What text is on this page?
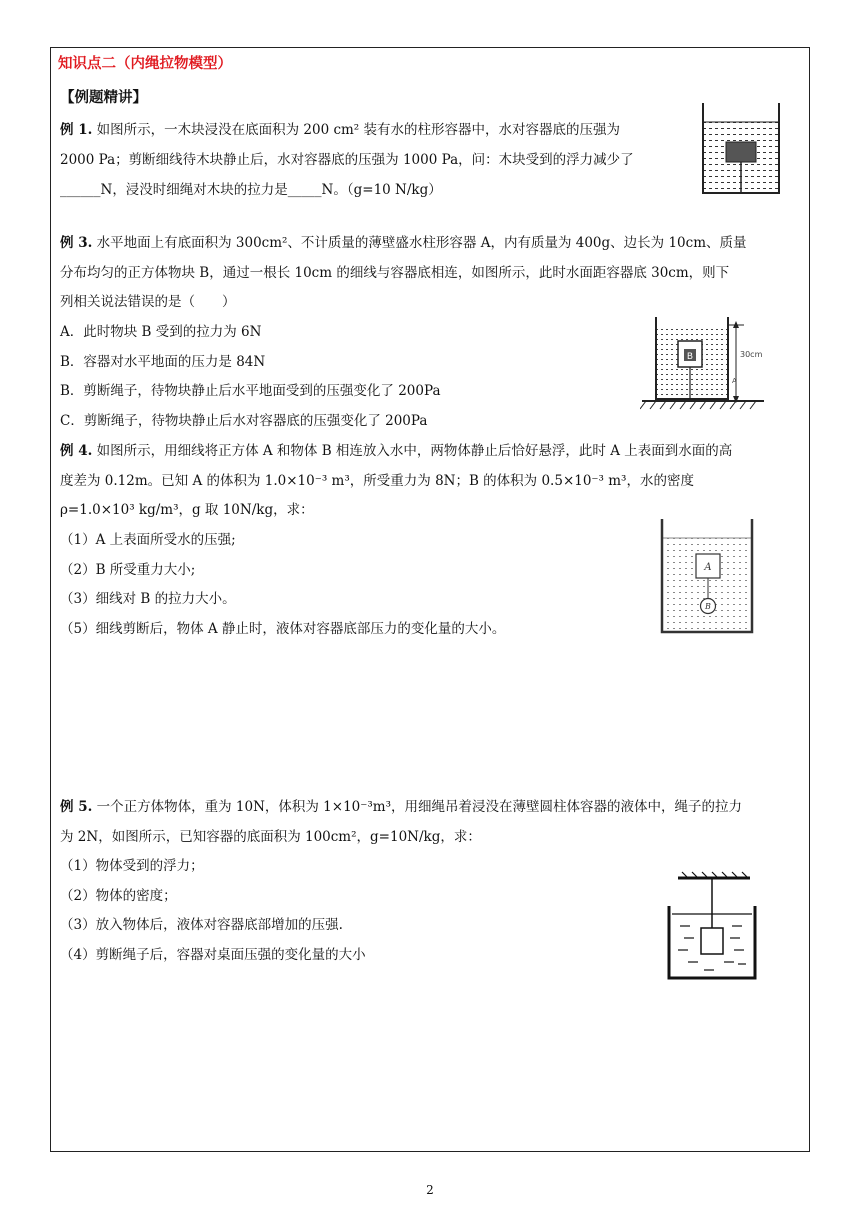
知识点二（内绳拉物模型）
【例题精讲】
例 1. 如图所示，一木块浸没在底面积为 200 cm² 装有水的柱形容器中，水对容器底的压强为
2000 Pa；剪断细线待木块静止后，水对容器底的压强为 1000 Pa，问：木块受到的浮力减少了
______N，浸没时细绳对木块的拉力是_____N。（g=10 N/kg）
例 3. 水平地面上有底面积为 300cm²、不计质量的薄壁盛水柱形容器 A，内有质量为 400g、边长为 10cm、质量
分布均匀的正方体物块 B，通过一根长 10cm 的细线与容器底相连，如图所示，此时水面距容器底 30cm，则下
列相关说法错误的是（　　）
A．此时物块 B 受到的拉力为 6N
B．容器对水平地面的压力是 84N
B．剪断绳子，待物块静止后水平地面受到的压强变化了 200Pa
C．剪断绳子，待物块静止后水对容器底的压强变化了 200Pa
B	30cm
A
例 4. 如图所示，用细线将正方体 A 和物体 B 相连放入水中，两物体静止后恰好悬浮，此时 A 上表面到水面的高
度差为 0.12m。已知 A 的体积为 1.0×10⁻³ m³，所受重力为 8N；B 的体积为 0.5×10⁻³ m³，水的密度
ρ=1.0×10³ kg/m³，g 取 10N/kg，求：
（1）A 上表面所受水的压强;
（2）B 所受重力大小;
（3）细线对 B 的拉力大小。
（5）细线剪断后，物体 A 静止时，液体对容器底部压力的变化量的大小。
A
B
例 5. 一个正方体物体，重为 10N，体积为 1×10⁻³m³，用细绳吊着浸没在薄壁圆柱体容器的液体中，绳子的拉力
为 2N，如图所示，已知容器的底面积为 100cm²，g=10N/kg，求：
（1）物体受到的浮力；
（2）物体的密度；
（3）放入物体后，液体对容器底部增加的压强.
（4）剪断绳子后，容器对桌面压强的变化量的大小
2
